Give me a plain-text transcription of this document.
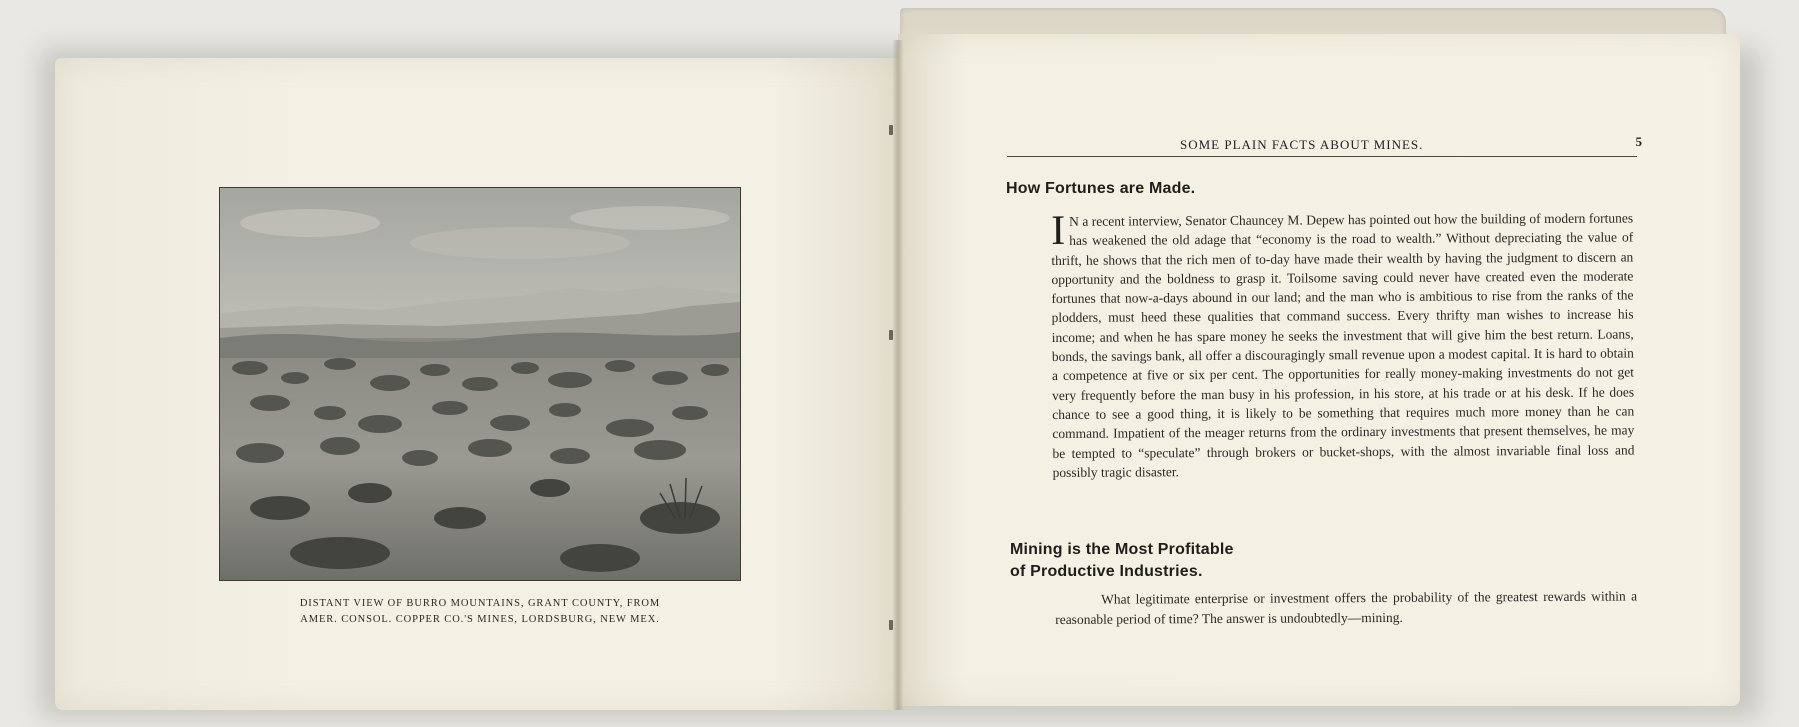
DISTANT VIEW OF BURRO MOUNTAINS, GRANT COUNTY, FROM
AMER. CONSOL. COPPER CO.'S MINES, LORDSBURG, NEW MEX.
SOME PLAIN FACTS ABOUT MINES.	5
How Fortunes are Made.
I N a recent interview, Senator Chauncey M. Depew has pointed out how the building of modern fortunes has weakened the old adage that “economy is the road to wealth.” Without depreciating the value of thrift, he shows that the rich men of to-day have made their wealth by having the judgment to discern an opportunity and the boldness to grasp it. Toilsome saving could never have created even the moderate fortunes that now-a-days abound in our land; and the man who is ambitious to rise from the ranks of the plodders, must heed these qualities that command success. Every thrifty man wishes to increase his income; and when he has spare money he seeks the investment that will give him the best return. Loans, bonds, the savings bank, all offer a discouragingly small revenue upon a modest capital. It is hard to obtain a competence at five or six per cent. The opportunities for really money-making investments do not get very frequently before the man busy in his profession, in his store, at his trade or at his desk. If he does chance to see a good thing, it is likely to be something that requires much more money than he can command. Impatient of the meager returns from the ordinary investments that present themselves, he may be tempted to “speculate” through brokers or bucket-shops, with the almost invariable final loss and possibly tragic disaster.
Mining is the Most Profitable
of Productive Industries.
What legitimate enterprise or investment offers the probability of the greatest rewards within a reasonable period of time? The answer is undoubtedly—mining.
